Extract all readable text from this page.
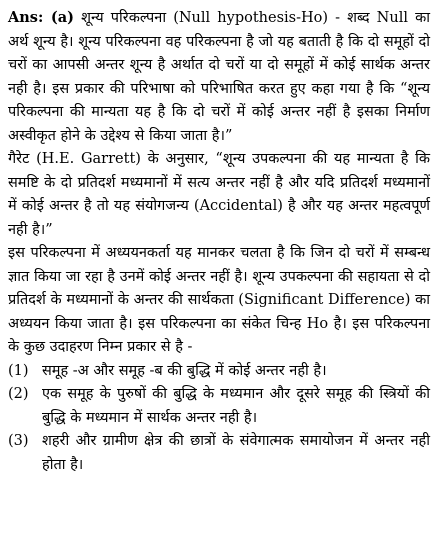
Ans: (a) शून्य परिकल्पना (Null hypothesis-Ho) - शब्द Null का अर्थ शून्य है। शून्य परिकल्पना वह परिकल्पना है जो यह बताती है कि दो समूहों दो चरों का आपसी अन्तर शून्य है अर्थात दो चरों या दो समूहों में कोई सार्थक अन्तर नही है। इस प्रकार की परिभाषा को परिभाषित करत हुए कहा गया है कि “शून्य परिकल्पना की मान्यता यह है कि दो चरों में कोई अन्तर नहीं है इसका निर्माण अस्वीकृत होने के उद्देश्य से किया जाता है।”

गैरेट (H.E. Garrett) के अनुसार, “शून्य उपकल्पना की यह मान्यता है कि समष्टि के दो प्रतिदर्श मध्यमानों में सत्य अन्तर नहीं है और यदि प्रतिदर्श मध्यमानों में कोई अन्तर है तो यह संयोगजन्य (Accidental) है और यह अन्तर महत्वपूर्ण नही है।”

इस परिकल्पना में अध्ययनकर्ता यह मानकर चलता है कि जिन दो चरों में सम्बन्ध ज्ञात किया जा रहा है उनमें कोई अन्तर नहीं है। शून्य उपकल्पना की सहायता से दो प्रतिदर्श के मध्यमानों के अन्तर की सार्थकता (Significant Difference) का अध्ययन किया जाता है। इस परिकल्पना का संकेत चिन्ह Ho है। इस परिकल्पना के कुछ उदाहरण निम्न प्रकार से है -

(1) समूह -अ और समूह -ब की बुद्धि में कोई अन्तर नही है।
(2) एक समूह के पुरुषों की बुद्धि के मध्यमान और दूसरे समूह की स्त्रियों की बुद्धि के मध्यमान में सार्थक अन्तर नही है।
(3) शहरी और ग्रामीण क्षेत्र की छात्रों के संवेगात्मक समायोजन में अन्तर नही होता है।
